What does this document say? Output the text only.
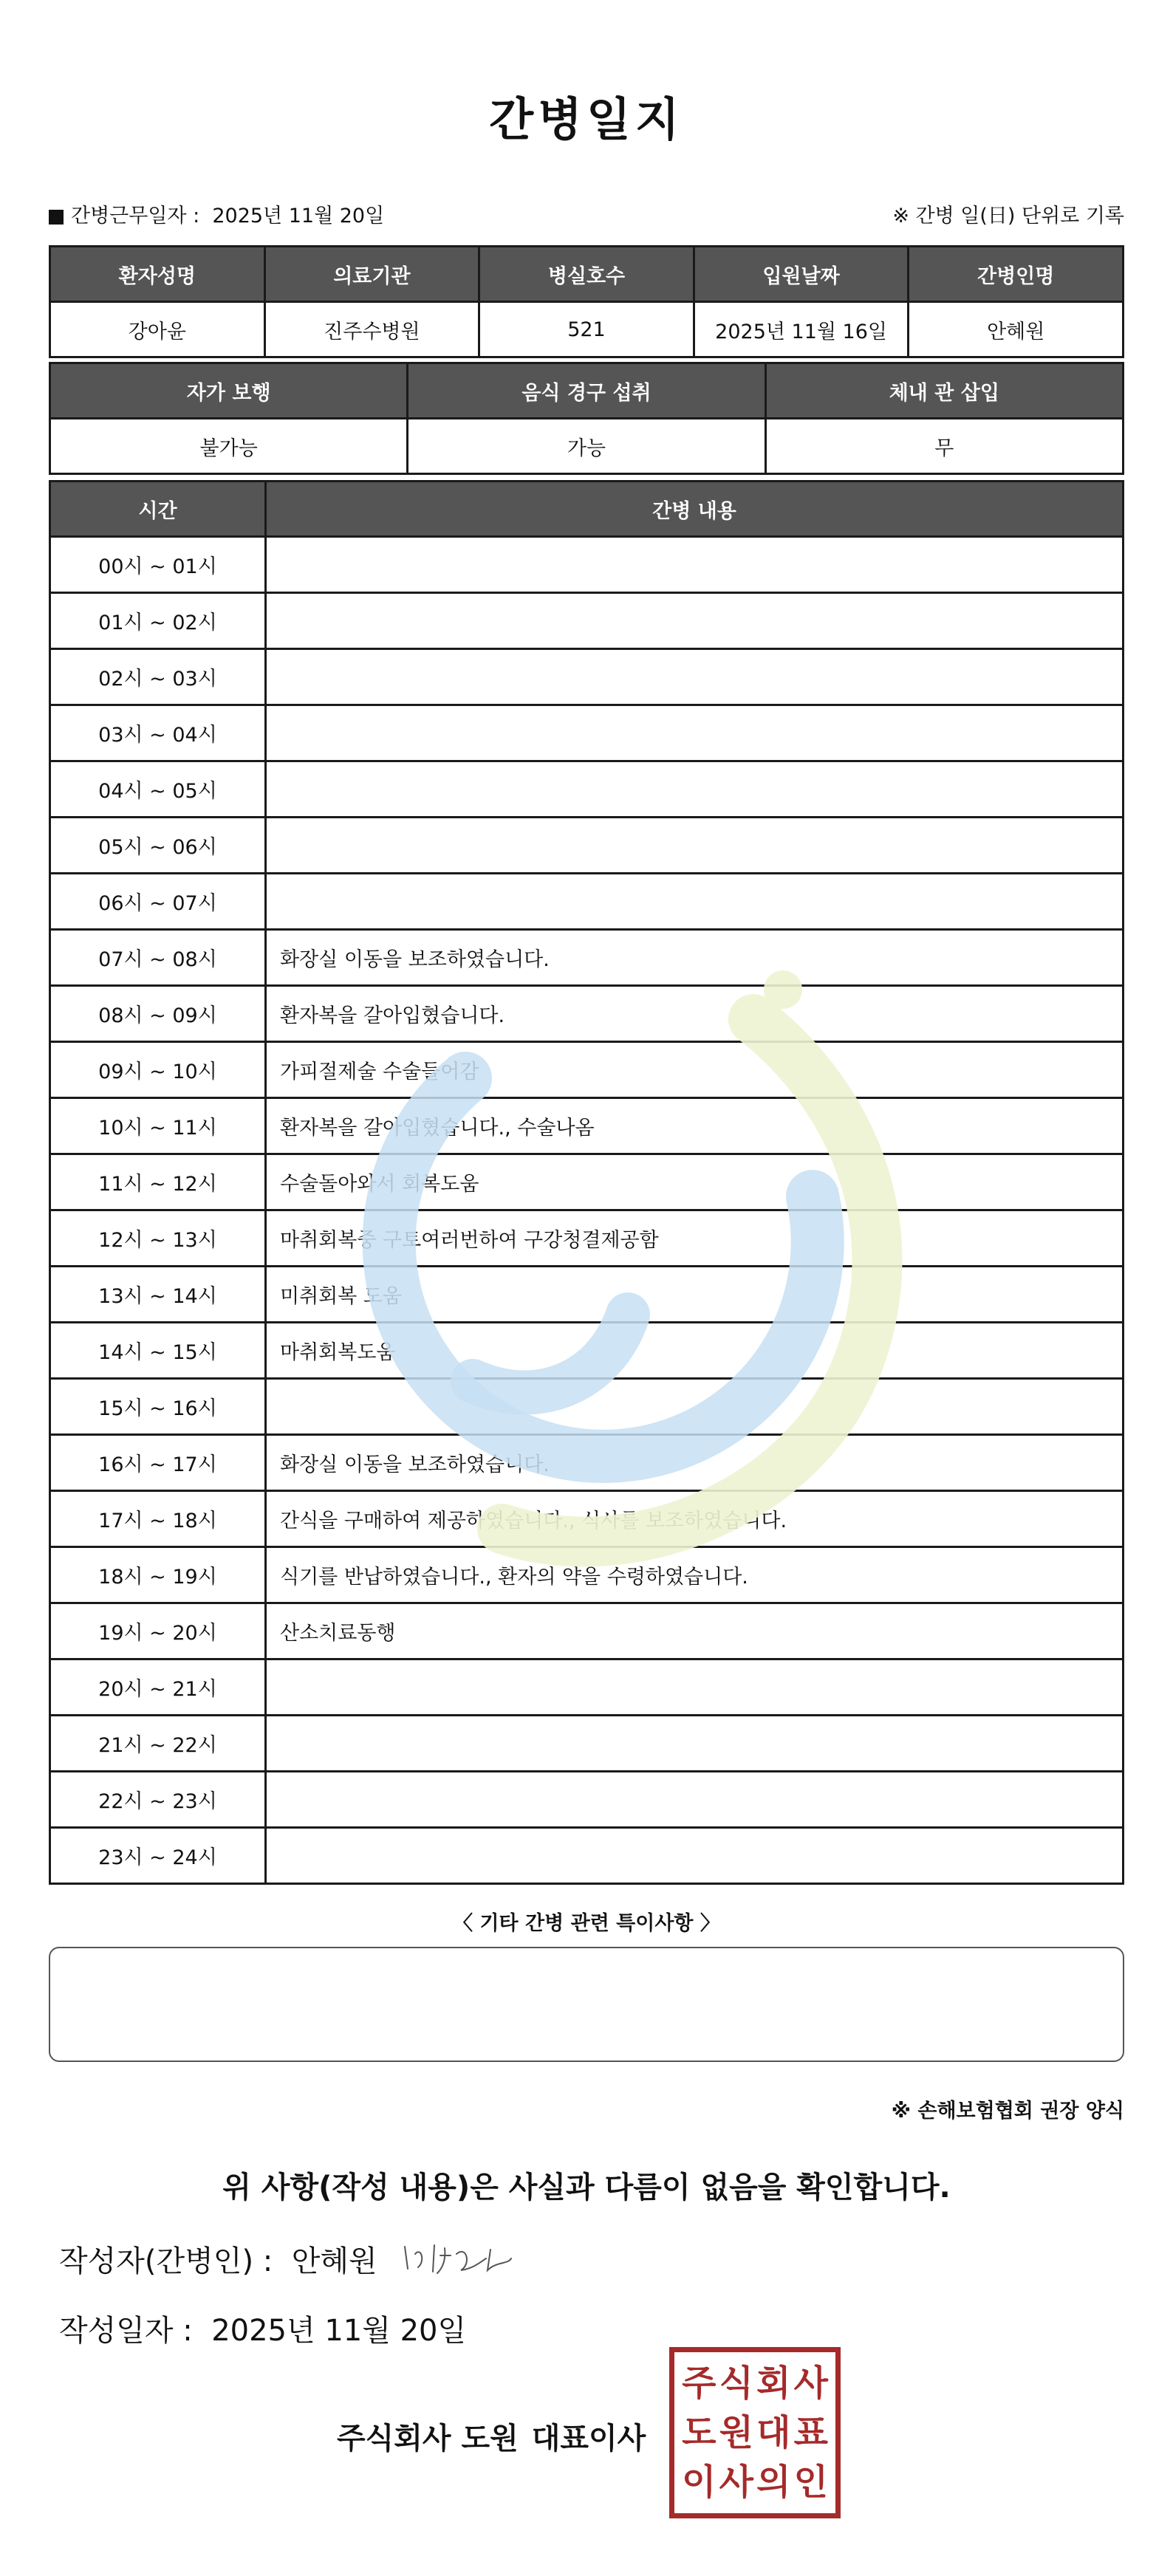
간병일지
간병근무일자 : 2025년 11월 20일	※ 간병 일(日) 단위로 기록
환자성명	의료기관	병실호수	입원날짜	간병인명
강아윤	진주수병원	521	2025년 11월 16일	안혜원
자가 보행	음식 경구 섭취	체내 관 삽입
불가능	가능	무
시간	간병 내용
00시 ~ 01시	
01시 ~ 02시	
02시 ~ 03시	
03시 ~ 04시	
04시 ~ 05시	
05시 ~ 06시	
06시 ~ 07시	
07시 ~ 08시	화장실 이동을 보조하였습니다.
08시 ~ 09시	환자복을 갈아입혔습니다.
09시 ~ 10시	가피절제술 수술들어감
10시 ~ 11시	환자복을 갈아입혔습니다., 수술나옴
11시 ~ 12시	수술돌아와서 회복도움
12시 ~ 13시	마취회복중 구토여러번하여 구강청결제공함
13시 ~ 14시	미취회복 도움
14시 ~ 15시	마취회복도움
15시 ~ 16시	
16시 ~ 17시	화장실 이동을 보조하였습니다.
17시 ~ 18시	간식을 구매하여 제공하였습니다., 식사를 보조하였습니다.
18시 ~ 19시	식기를 반납하였습니다., 환자의 약을 수령하였습니다.
19시 ~ 20시	산소치료동행
20시 ~ 21시	
21시 ~ 22시	
22시 ~ 23시	
23시 ~ 24시	
〈 기타 간병 관련 특이사항 〉
※ 손해보험협회 권장 양식
위 사항(작성 내용)은 사실과 다름이 없음을 확인합니다.
작성자(간병인) : 안혜원
작성일자 : 2025년 11월 20일
주식회사 도원 대표이사
주 식 회 사
도 원 대 표
이 사 의 인
